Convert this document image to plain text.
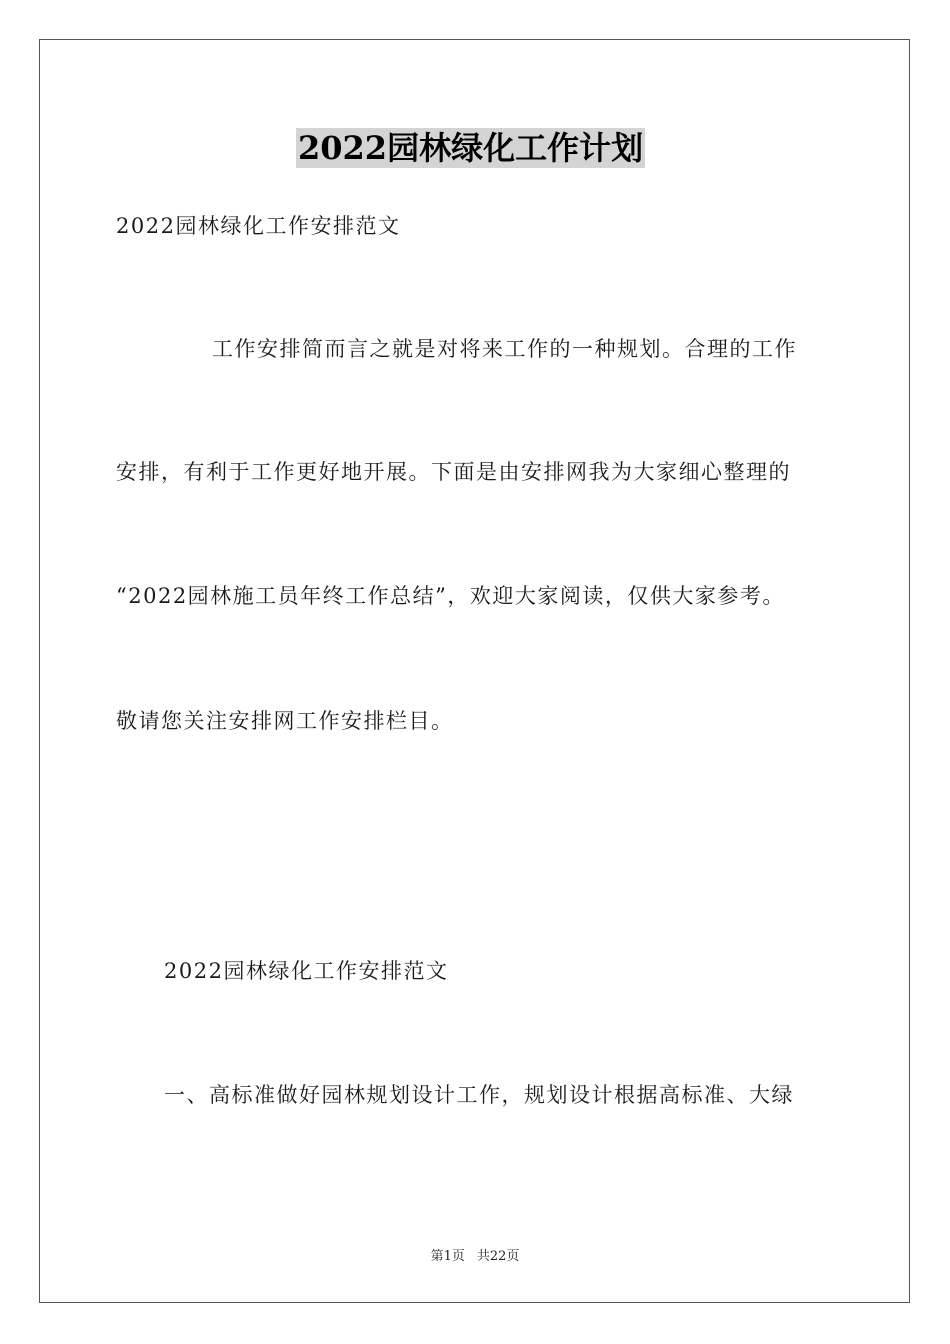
2022园林绿化工作计划
2022园林绿化工作安排范文
工作安排简而言之就是对将来工作的一种规划。合理的工作
安排，有利于工作更好地开展。下面是由安排网我为大家细心整理的
“2022园林施工员年终工作总结”，欢迎大家阅读，仅供大家参考。
敬请您关注安排网工作安排栏目。
2022园林绿化工作安排范文
一、高标准做好园林规划设计工作，规划设计根据高标准、大绿
第1页 共22页
